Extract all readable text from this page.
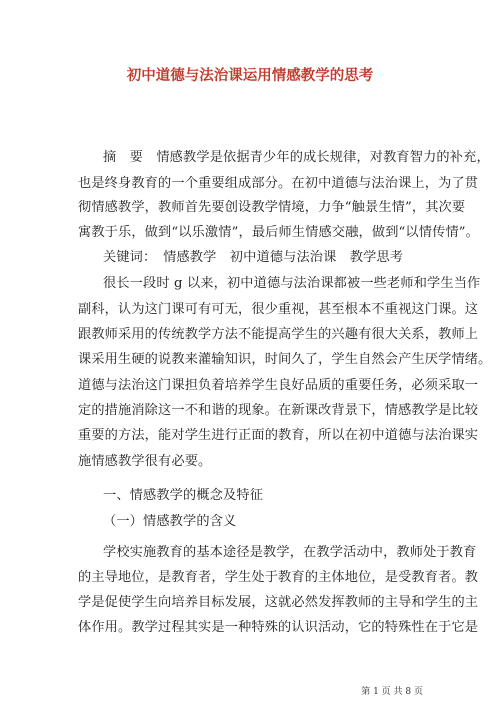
初中道德与法治课运用情感教学的思考
摘　要　情感教学是依据青少年的成长规律，对教育智力的补充，
也是终身教育的一个重要组成部分。在初中道德与法治课上，为了贯
彻情感教学，教师首先要创设教学情境，力争“触景生情”，其次要
寓教于乐，做到“以乐激情”，最后师生情感交融，做到“以情传情”。
关键词：　情感教学　初中道德与法治课　教学思考
很长一段时 g 以来，初中道德与法治课都被一些老师和学生当作
副科，认为这门课可有可无，很少重视，甚至根本不重视这门课。这
跟教师采用的传统教学方法不能提高学生的兴趣有很大关系，教师上
课采用生硬的说教来灌输知识，时间久了，学生自然会产生厌学情绪。
道德与法治这门课担负着培养学生良好品质的重要任务，必须采取一
定的措施消除这一不和谐的现象。在新课改背景下，情感教学是比较
重要的方法，能对学生进行正面的教育，所以在初中道德与法治课实
施情感教学很有必要。
一、情感教学的概念及特征
（一）情感教学的含义
学校实施教育的基本途径是教学，在教学活动中，教师处于教育
的主导地位，是教育者，学生处于教育的主体地位，是受教育者。教
学是促使学生向培养目标发展，这就必然发挥教师的主导和学生的主
体作用。教学过程其实是一种特殊的认识活动，它的特殊性在于它是
第 1 页 共 8 页
